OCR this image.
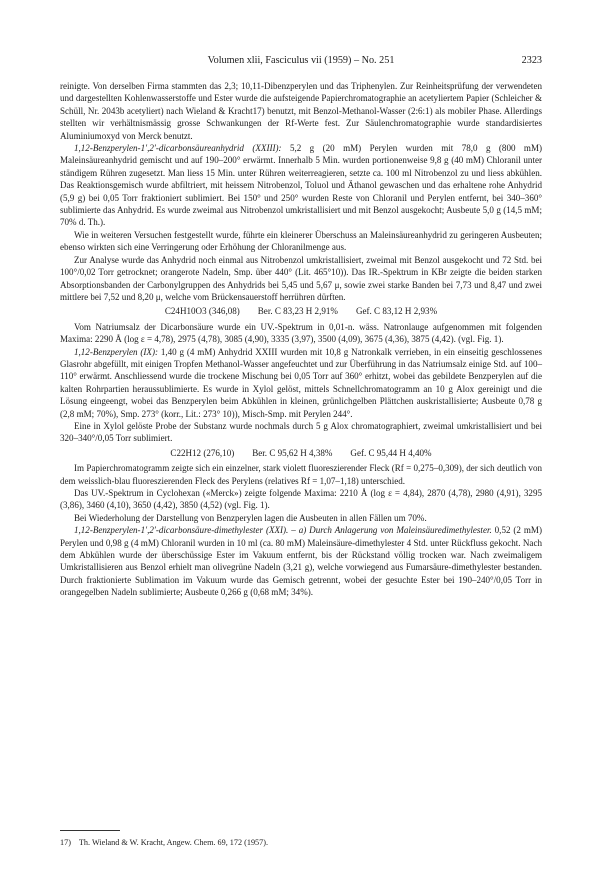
Volumen xlii, Fasciculus vii (1959) – No. 251	2323

reinigte. Von derselben Firma stammten das 2,3; 10,11-Dibenzperylen und das Triphenylen. Zur Reinheitsprüfung der verwendeten und dargestellten Kohlenwasserstoffe und Ester wurde die aufsteigende Papierchromatographie an acetyliertem Papier (Schleicher & Schüll, Nr. 2043b acetyliert) nach Wieland & Kracht17) benutzt, mit Benzol-Methanol-Wasser (2:6:1) als mobiler Phase. Allerdings stellten wir verhältnismässig grosse Schwankungen der Rf-Werte fest. Zur Säulenchromatographie wurde standardisiertes Aluminiumoxyd von Merck benutzt.

1,12-Benzperylen-1′,2′-dicarbonsäureanhydrid (XXIII): 5,2 g (20 mM) Perylen wurden mit 78,0 g (800 mM) Maleinsäureanhydrid gemischt und auf 190–200° erwärmt. Innerhalb 5 Min. wurden portionenweise 9,8 g (40 mM) Chloranil unter ständigem Rühren zugesetzt. Man liess 15 Min. unter Rühren weiterreagieren, setzte ca. 100 ml Nitrobenzol zu und liess abkühlen. Das Reaktionsgemisch wurde abfiltriert, mit heissem Nitrobenzol, Toluol und Äthanol gewaschen und das erhaltene rohe Anhydrid (5,9 g) bei 0,05 Torr fraktioniert sublimiert. Bei 150° und 250° wurden Reste von Chloranil und Perylen entfernt, bei 340–360° sublimierte das Anhydrid. Es wurde zweimal aus Nitrobenzol umkristallisiert und mit Benzol ausgekocht; Ausbeute 5,0 g (14,5 mM; 70% d. Th.).

Wie in weiteren Versuchen festgestellt wurde, führte ein kleinerer Überschuss an Maleinsäureanhydrid zu geringeren Ausbeuten; ebenso wirkten sich eine Verringerung oder Erhöhung der Chloranilmenge aus.

Zur Analyse wurde das Anhydrid noch einmal aus Nitrobenzol umkristallisiert, zweimal mit Benzol ausgekocht und 72 Std. bei 100°/0,02 Torr getrocknet; orangerote Nadeln, Smp. über 440° (Lit. 465°10)). Das IR.-Spektrum in KBr zeigte die beiden starken Absorptionsbanden der Carbonylgruppen des Anhydrids bei 5,45 und 5,67 μ, sowie zwei starke Banden bei 7,73 und 8,47 und zwei mittlere bei 7,52 und 8,20 μ, welche vom Brückensauerstoff herrühren dürften.

C24H10O3 (346,08) Ber. C 83,23 H 2,91% Gef. C 83,12 H 2,93%

Vom Natriumsalz der Dicarbonsäure wurde ein UV.-Spektrum in 0,01-n. wäss. Natronlauge aufgenommen mit folgenden Maxima: 2290 Å (log ε = 4,78), 2975 (4,78), 3085 (4,90), 3335 (3,97), 3500 (4,09), 3675 (4,36), 3875 (4,42). (vgl. Fig. 1).

1,12-Benzperylen (IX): 1,40 g (4 mM) Anhydrid XXIII wurden mit 10,8 g Natronkalk verrieben, in ein einseitig geschlossenes Glasrohr abgefüllt, mit einigen Tropfen Methanol-Wasser angefeuchtet und zur Überführung in das Natriumsalz einige Std. auf 100–110° erwärmt. Anschliessend wurde die trockene Mischung bei 0,05 Torr auf 360° erhitzt, wobei das gebildete Benzperylen auf die kalten Rohrpartien heraussublimierte. Es wurde in Xylol gelöst, mittels Schnellchromatogramm an 10 g Alox gereinigt und die Lösung eingeengt, wobei das Benzperylen beim Abkühlen in kleinen, grünlichgelben Plättchen auskristallisierte; Ausbeute 0,78 g (2,8 mM; 70%), Smp. 273° (korr., Lit.: 273° 10)), Misch-Smp. mit Perylen 244°.

Eine in Xylol gelöste Probe der Substanz wurde nochmals durch 5 g Alox chromatographiert, zweimal umkristallisiert und bei 320–340°/0,05 Torr sublimiert.

C22H12 (276,10) Ber. C 95,62 H 4,38% Gef. C 95,44 H 4,40%

Im Papierchromatogramm zeigte sich ein einzelner, stark violett fluoreszierender Fleck (Rf = 0,275–0,309), der sich deutlich von dem weisslich-blau fluoreszierenden Fleck des Perylens (relatives Rf = 1,07–1,18) unterschied.

Das UV.-Spektrum in Cyclohexan («Merck») zeigte folgende Maxima: 2210 Å (log ε = 4,84), 2870 (4,78), 2980 (4,91), 3295 (3,86), 3460 (4,10), 3650 (4,42), 3850 (4,52) (vgl. Fig. 1).

Bei Wiederholung der Darstellung von Benzperylen lagen die Ausbeuten in allen Fällen um 70%.

1,12-Benzperylen-1′,2′-dicarbonsäure-dimethylester (XXI). – a) Durch Anlagerung von Maleinsäuredimethylester. 0,52 (2 mM) Perylen und 0,98 g (4 mM) Chloranil wurden in 10 ml (ca. 80 mM) Maleinsäure-dimethylester 4 Std. unter Rückfluss gekocht. Nach dem Abkühlen wurde der überschüssige Ester im Vakuum entfernt, bis der Rückstand völlig trocken war. Nach zweimaligem Umkristallisieren aus Benzol erhielt man olivegrüne Nadeln (3,21 g), welche vorwiegend aus Fumarsäure-dimethylester bestanden. Durch fraktionierte Sublimation im Vakuum wurde das Gemisch getrennt, wobei der gesuchte Ester bei 190–240°/0,05 Torr in orangegelben Nadeln sublimierte; Ausbeute 0,266 g (0,68 mM; 34%).

17) Th. Wieland & W. Kracht, Angew. Chem. 69, 172 (1957).
